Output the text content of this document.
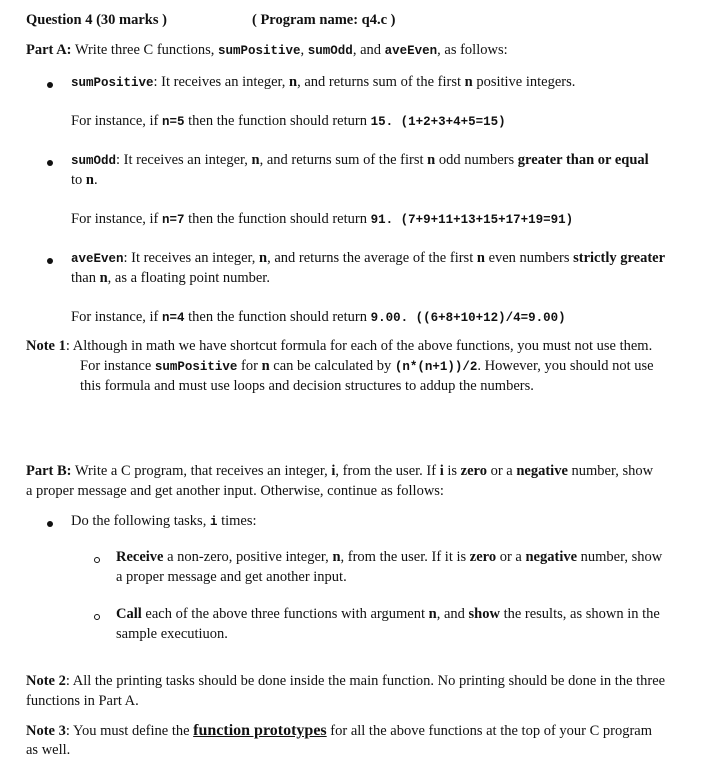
Question 4 (30 marks )	( Program name: q4.c )
Part A: Write three C functions, sumPositive, sumOdd, and aveEven, as follows:
sumPositive: It receives an integer, n, and returns sum of the first n positive integers.
For instance, if n=5 then the function should return 15. (1+2+3+4+5=15)
sumOdd: It receives an integer, n, and returns sum of the first n odd numbers greater than or equal
to n.
For instance, if n=7 then the function should return 91. (7+9+11+13+15+17+19=91)
aveEven: It receives an integer, n, and returns the average of the first n even numbers strictly greater
than n, as a floating point number.
For instance, if n=4 then the function should return 9.00. ((6+8+10+12)/4=9.00)
Note 1: Although in math we have shortcut formula for each of the above functions, you must not use them.
For instance sumPositive for n can be calculated by (n*(n+1))/2. However, you should not use
this formula and must use loops and decision structures to addup the numbers.
Part B: Write a C program, that receives an integer, i, from the user. If i is zero or a negative number, show
a proper message and get another input. Otherwise, continue as follows:
Do the following tasks, i times:
Receive a non-zero, positive integer, n, from the user. If it is zero or a negative number, show
a proper message and get another input.
Call each of the above three functions with argument n, and show the results, as shown in the
sample executiuon.
Note 2: All the printing tasks should be done inside the main function. No printing should be done in the three
functions in Part A.
Note 3: You must define the function prototypes for all the above functions at the top of your C program
as well.
